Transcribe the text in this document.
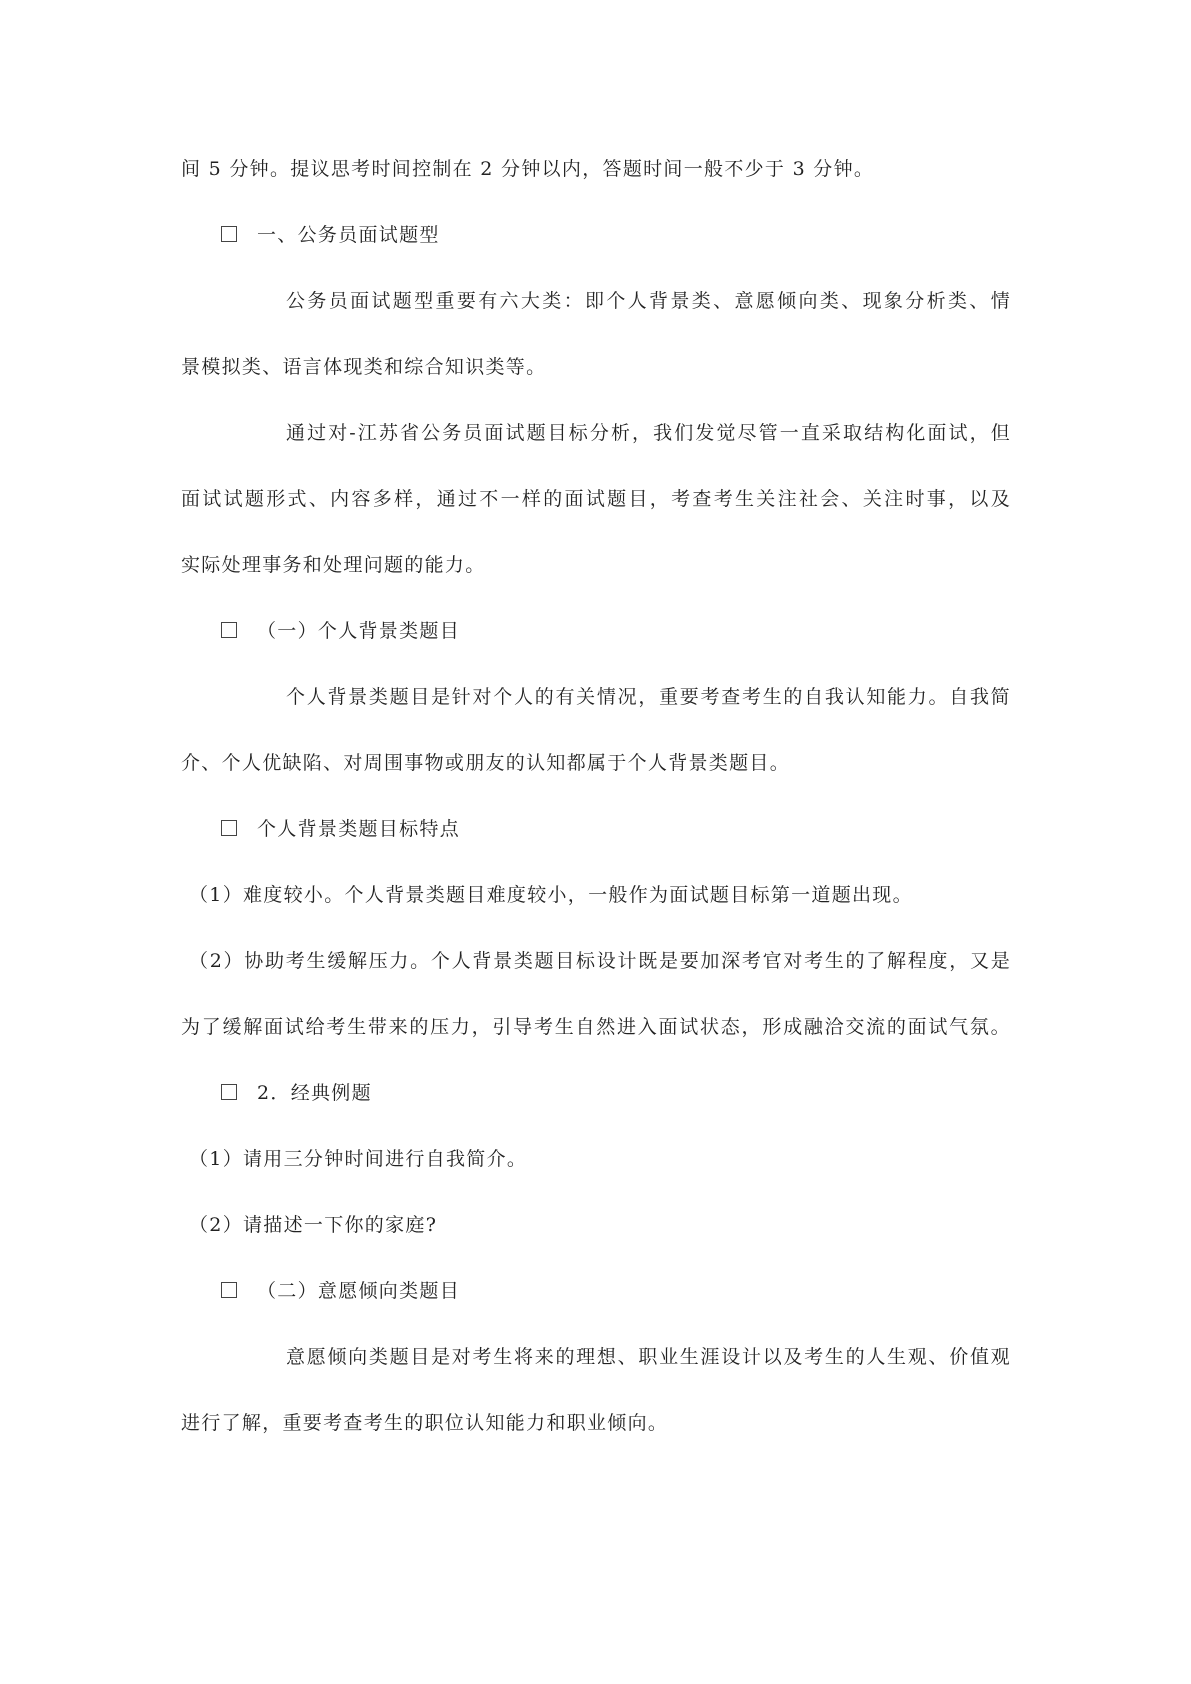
间 5 分钟。提议思考时间控制在 2 分钟以内，答题时间一般不少于 3 分钟。
一、公务员面试题型
公务员面试题型重要有六大类：即个人背景类、意愿倾向类、现象分析类、情
景模拟类、语言体现类和综合知识类等。
通过对-江苏省公务员面试题目标分析，我们发觉尽管一直采取结构化面试，但
面试试题形式、内容多样，通过不一样的面试题目，考查考生关注社会、关注时事，以及
实际处理事务和处理问题的能力。
（一）个人背景类题目
个人背景类题目是针对个人的有关情况，重要考查考生的自我认知能力。自我简
介、个人优缺陷、对周围事物或朋友的认知都属于个人背景类题目。
个人背景类题目标特点
（1）难度较小。个人背景类题目难度较小，一般作为面试题目标第一道题出现。
（2）协助考生缓解压力。个人背景类题目标设计既是要加深考官对考生的了解程度，又是
为了缓解面试给考生带来的压力，引导考生自然进入面试状态，形成融洽交流的面试气氛。
2．经典例题
（1）请用三分钟时间进行自我简介。
（2）请描述一下你的家庭?
（二）意愿倾向类题目
意愿倾向类题目是对考生将来的理想、职业生涯设计以及考生的人生观、价值观
进行了解，重要考查考生的职位认知能力和职业倾向。
